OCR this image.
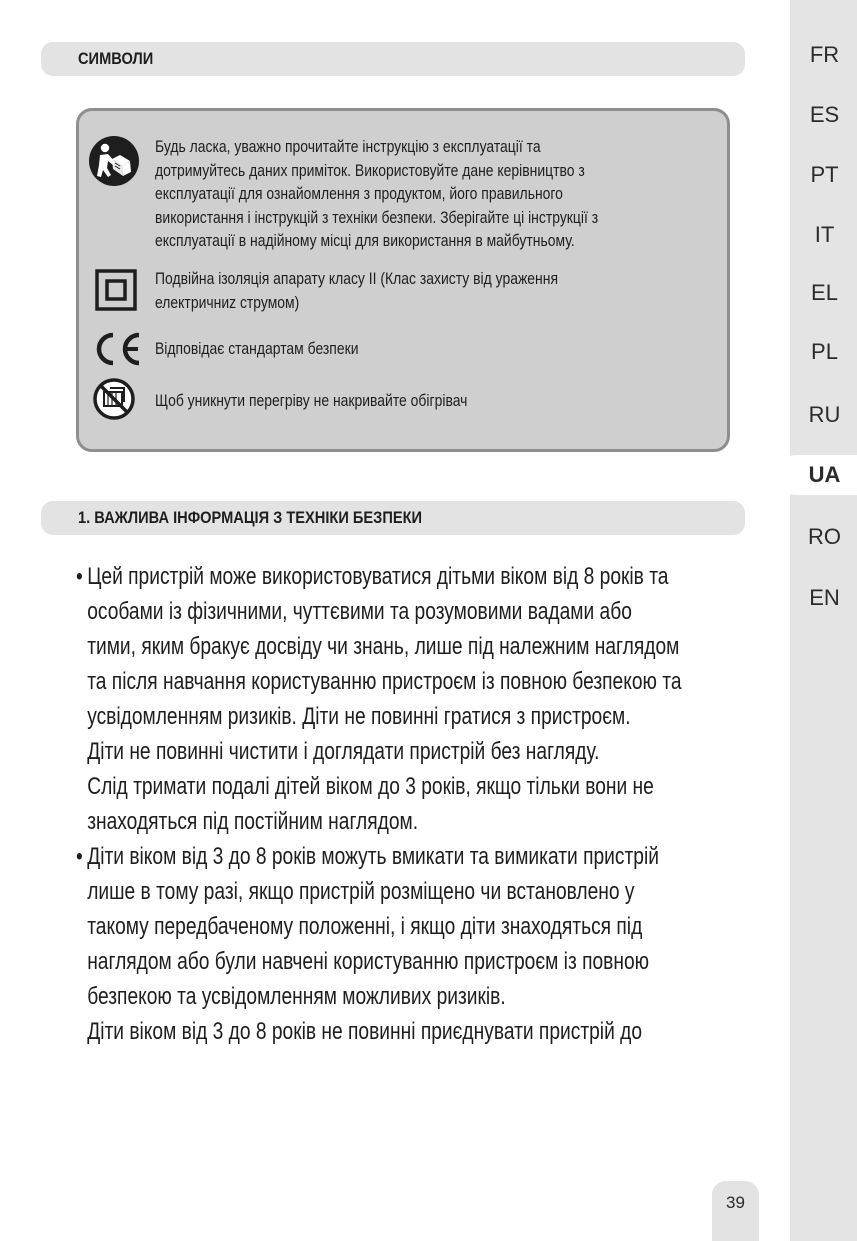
FR
ES
PT
IT
EL
PL
RU
UA
RO
EN
СИМВОЛИ
Будь ласка, уважно прочитайте інструкцію з експлуатації та
дотримуйтесь даних приміток. Використовуйте дане керівництво з
експлуатації для ознайомлення з продуктом, його правильного
використання і інструкцій з техніки безпеки. Зберігайте ці інструкції з
експлуатації в надійному місці для використання в майбутньому.
Подвійна ізоляція апарату класу II (Клас захисту від ураження
електричниz струмом)
Відповідає стандартам безпеки
Щоб уникнути перегріву не накривайте обігрівач
1. ВАЖЛИВА ІНФОРМАЦІЯ З ТЕХНІКИ БЕЗПЕКИ
• Цей пристрій може використовуватися дітьми віком від 8 років та
особами із фізичними, чуттєвими та розумовими вадами або
тими, яким бракує досвіду чи знань, лише під належним наглядом
та після навчання користуванню пристроєм із повною безпекою та
усвідомленням ризиків. Діти не повинні гратися з пристроєм.
Діти не повинні чистити і доглядати пристрій без нагляду.
Слід тримати подалі дітей віком до 3 років, якщо тільки вони не
знаходяться під постійним наглядом.
• Діти віком від 3 до 8 років можуть вмикати та вимикати пристрій
лише в тому разі, якщо пристрій розміщено чи встановлено у
такому передбаченому положенні, і якщо діти знаходяться під
наглядом або були навчені користуванню пристроєм із повною
безпекою та усвідомленням можливих ризиків.
Діти віком від 3 до 8 років не повинні приєднувати пристрій до
39
